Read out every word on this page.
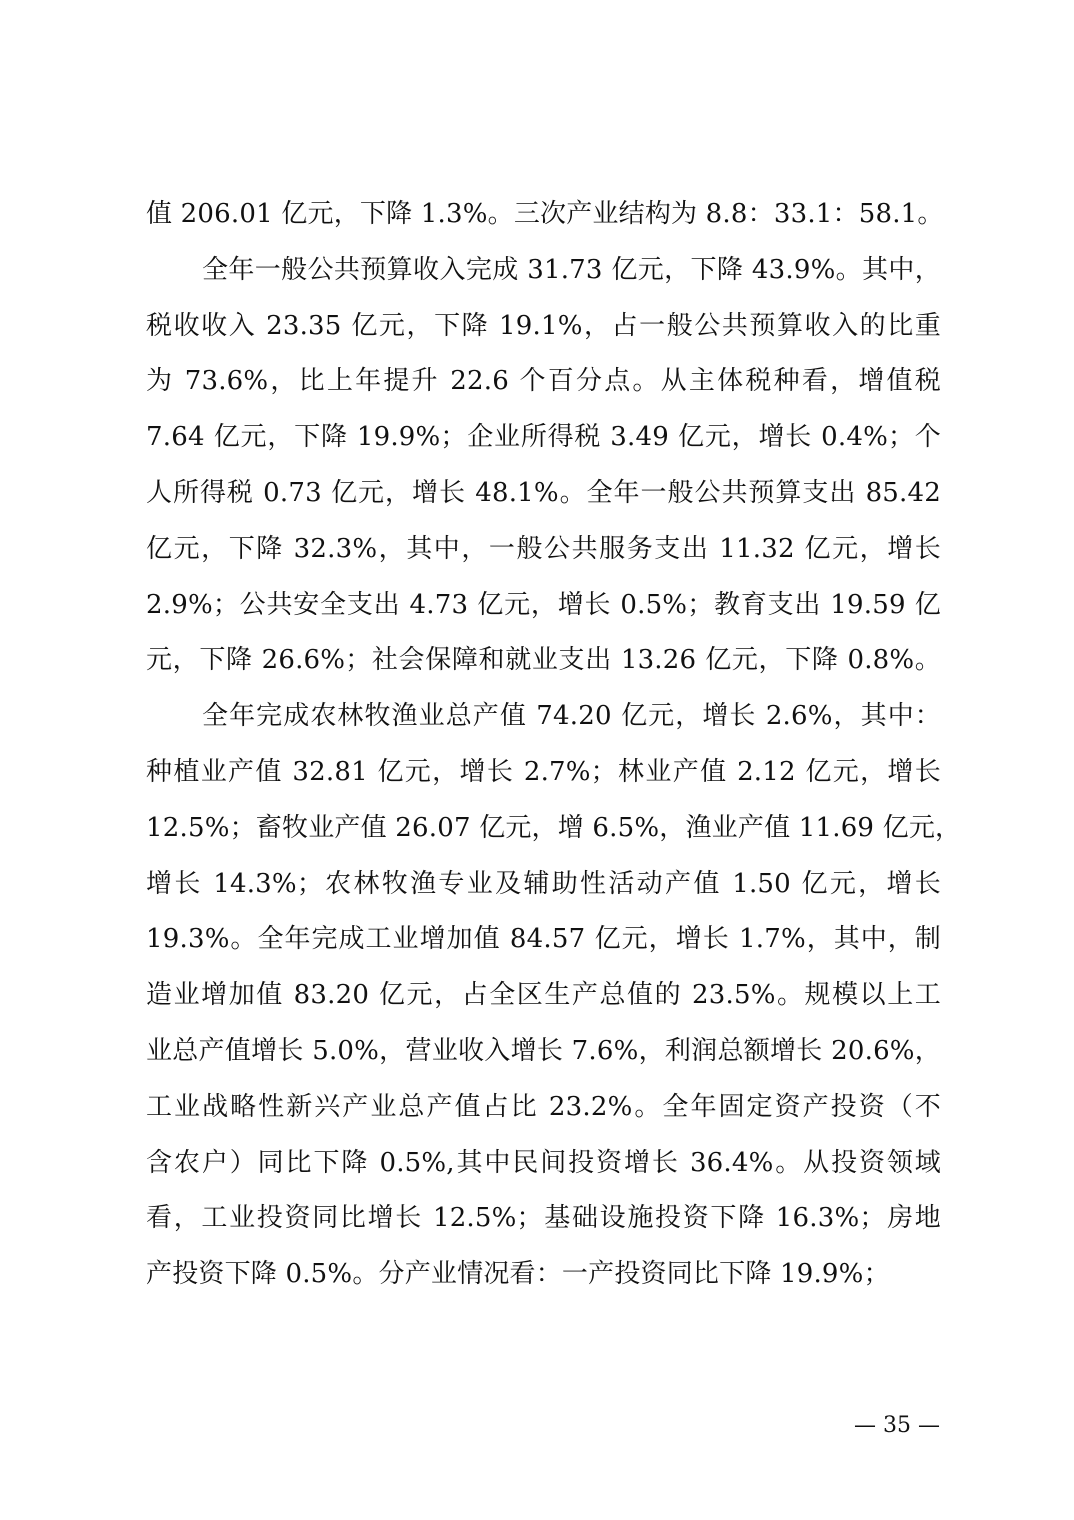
值 206.01 亿元，下降 1.3%。三次产业结构为 8.8：33.1：58.1。
全年一般公共预算收入完成 31.73 亿元，下降 43.9%。其中，
税收收入 23.35 亿元，下降 19.1%，占一般公共预算收入的比重
为 73.6%，比上年提升 22.6 个百分点。从主体税种看，增值税
7.64 亿元，下降 19.9%；企业所得税 3.49 亿元，增长 0.4%；个
人所得税 0.73 亿元，增长 48.1%。全年一般公共预算支出 85.42
亿元，下降 32.3%，其中，一般公共服务支出 11.32 亿元，增长
2.9%；公共安全支出 4.73 亿元，增长 0.5%；教育支出 19.59 亿
元，下降 26.6%；社会保障和就业支出 13.26 亿元，下降 0.8%。
全年完成农林牧渔业总产值 74.20 亿元，增长 2.6%，其中：
种植业产值 32.81 亿元，增长 2.7%；林业产值 2.12 亿元，增长
12.5%；畜牧业产值 26.07 亿元，增 6.5%，渔业产值 11.69 亿元，
增长 14.3%；农林牧渔专业及辅助性活动产值 1.50 亿元，增长
19.3%。全年完成工业增加值 84.57 亿元，增长 1.7%，其中，制
造业增加值 83.20 亿元，占全区生产总值的 23.5%。规模以上工
业总产值增长 5.0%，营业收入增长 7.6%，利润总额增长 20.6%，
工业战略性新兴产业总产值占比 23.2%。全年固定资产投资（不
含农户）同比下降 0.5%,其中民间投资增长 36.4%。从投资领域
看，工业投资同比增长 12.5%；基础设施投资下降 16.3%；房地
产投资下降 0.5%。分产业情况看：一产投资同比下降 19.9%；
— 35 —
